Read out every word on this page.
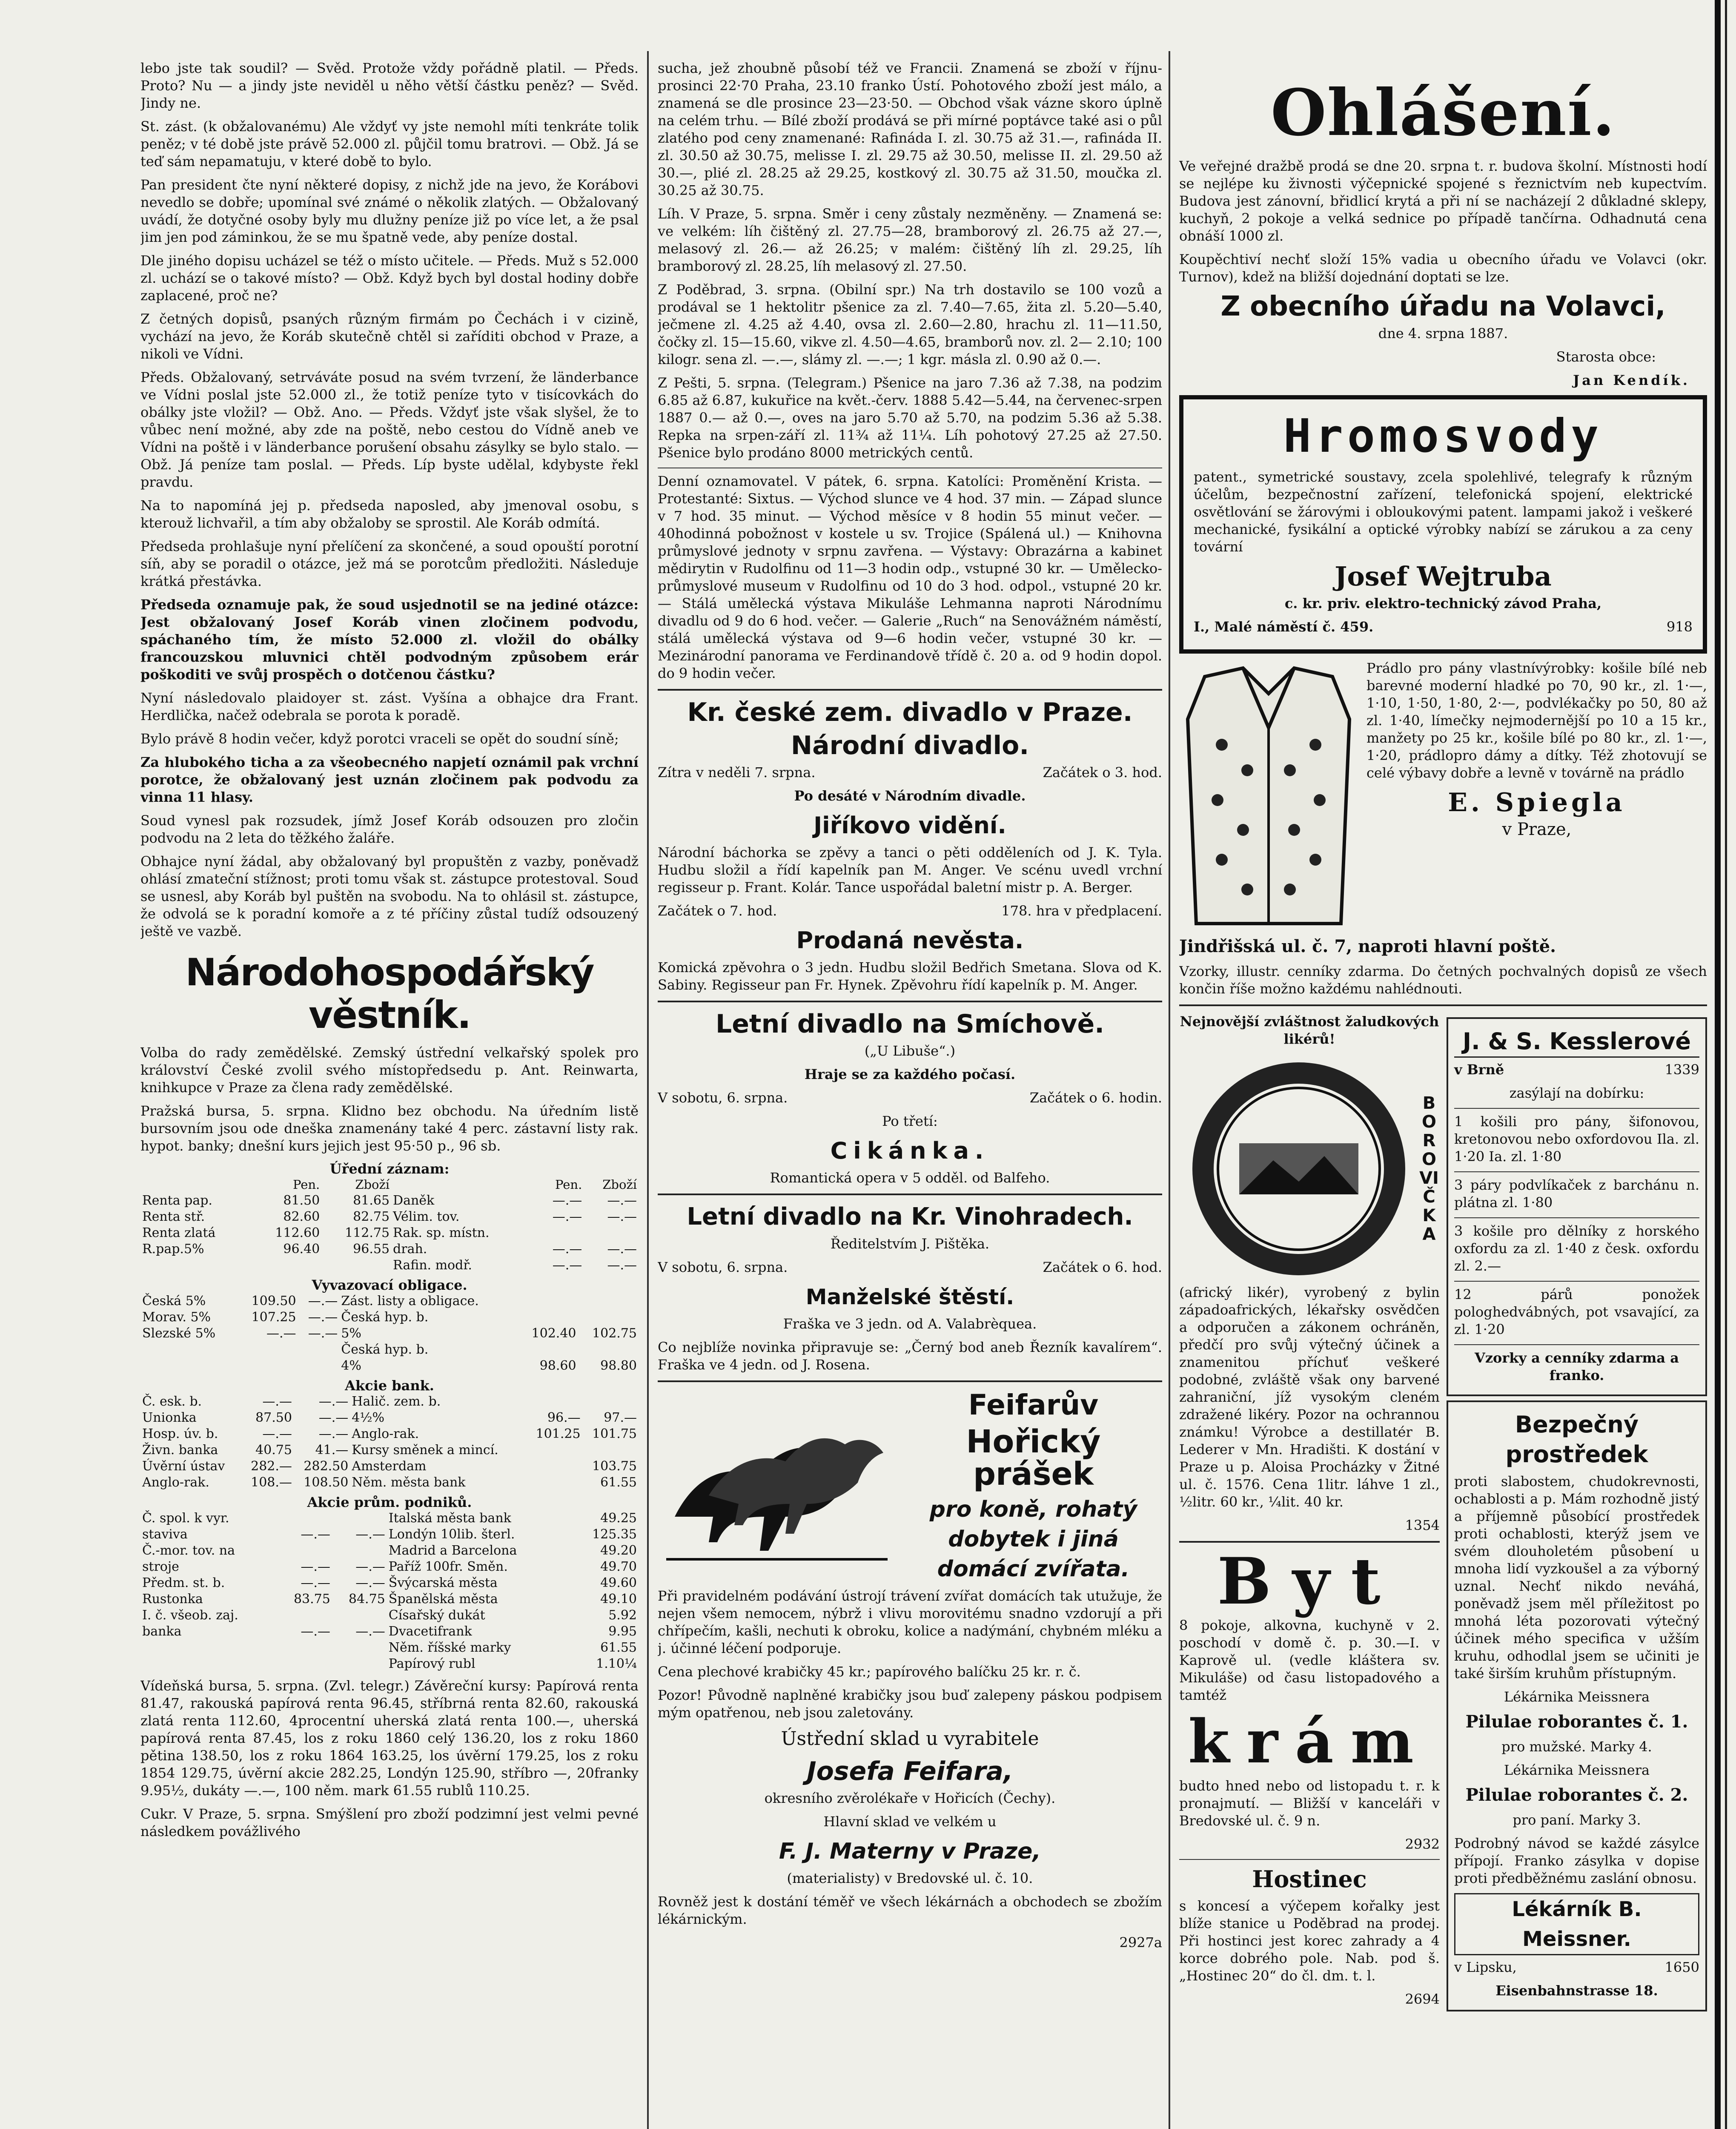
lebo jste tak soudil? — Svěd. Protože vždy pořádně platil. — Předs. Proto? Nu — a jindy jste neviděl u něho větší částku peněz? — Svěd. Jindy ne.

St. zást. (k obžalovanému) Ale vždyť vy jste nemohl míti tenkráte tolik peněz; v té době jste právě 52.000 zl. půjčil tomu bratrovi. — Obž. Já se teď sám nepamatuju, v které době to bylo.

Pan president čte nyní některé dopisy, z nichž jde na jevo, že Korábovi nevedlo se dobře; upomínal své známé o několik zlatých. — Obžalovaný uvádí, že dotyčné osoby byly mu dlužny peníze již po více let, a že psal jim jen pod záminkou, že se mu špatně vede, aby peníze dostal.

Dle jiného dopisu ucházel se též o místo učitele. — Předs. Muž s 52.000 zl. uchází se o takové místo? — Obž. Když bych byl dostal hodiny dobře zaplacené, proč ne?

Z četných dopisů, psaných různým firmám po Čechách i v cizině, vychází na jevo, že Koráb skutečně chtěl si zaříditi obchod v Praze, a nikoli ve Vídni.

Předs. Obžalovaný, setrváváte posud na svém tvrzení, že länderbance ve Vídni poslal jste 52.000 zl., že totiž peníze tyto v tisícovkách do obálky jste vložil? — Obž. Ano. — Předs. Vždyť jste však slyšel, že to vůbec není možné, aby zde na poště, nebo cestou do Vídně aneb ve Vídni na poště i v länderbance porušení obsahu zásylky se bylo stalo. — Obž. Já peníze tam poslal. — Předs. Líp byste udělal, kdybyste řekl pravdu.

Na to napomíná jej p. předseda naposled, aby jmenoval osobu, s kterouž lichvařil, a tím aby obžaloby se sprostil. Ale Koráb odmítá.

Předseda prohlašuje nyní přelíčení za skončené, a soud opouští porotní síň, aby se poradil o otázce, jež má se porotcům předložiti. Následuje krátká přestávka.

Předseda oznamuje pak, že soud usjednotil se na jediné otázce: Jest obžalovaný Josef Koráb vinen zločinem podvodu, spáchaného tím, že místo 52.000 zl. vložil do obálky francouzskou mluvnici chtěl podvodným způsobem erár poškoditi ve svůj prospěch o dotčenou částku?

Nyní následovalo plaidoyer st. zást. Vyšína a obhajce dra Frant. Herdlička, načež odebrala se porota k poradě.

Bylo právě 8 hodin večer, když porotci vraceli se opět do soudní síně;

Za hlubokého ticha a za všeobecného napjetí oznámil pak vrchní porotce, že obžalovaný jest uznán zločinem pak podvodu za vinna 11 hlasy.

Soud vynesl pak rozsudek, jímž Josef Koráb odsouzen pro zločin podvodu na 2 leta do těžkého žaláře.

Obhajce nyní žádal, aby obžalovaný byl propuštěn z vazby, poněvadž ohlásí zmateční stížnost; proti tomu však st. zástupce protestoval. Soud se usnesl, aby Koráb byl puštěn na svobodu. Na to ohlásil st. zástupce, že odvolá se k poradní komoře a z té příčiny zůstal tudíž odsouzený ještě ve vazbě.

Národohospodářský věstník.

Volba do rady zemědělské. Zemský ústřední velkařský spolek pro království České zvolil svého místopředsedu p. Ant. Reinwarta, knihkupce v Praze za člena rady zemědělské.

Pražská bursa, 5. srpna. Klidno bez obchodu. Na úředním listě bursovním jsou ode dneška znamenány také 4 perc. zástavní listy rak. hypot. banky; dnešní kurs jejich jest 95·50 p., 96 sb.

Úřední záznam:
	Pen.	Zboží		Pen.	Zboží
Renta pap.	81.50	81.65	Daněk	—.—	—.—
Renta stř.	82.60	82.75	Vélim. tov.	—.—	—.—
Renta zlatá	112.60	112.75	Rak. sp. místn.		
R.pap.5%	96.40	96.55	drah.	—.—	—.—
			Rafin. modř.	—.—	—.—
Vyvazovací obligace.
Česká 5%	109.50	—.—	Zást. listy a obligace.		
Morav. 5%	107.25	—.—	Česká hyp. b.		
Slezské 5%	—.—	—.—	5%	102.40	102.75
			Česká hyp. b.		
			4%	98.60	98.80
Akcie bank.
Č. esk. b.	—.—	—.—	Halič. zem. b.		
Unionka	87.50	—.—	4½%	96.—	97.—
Hosp. úv. b.	—.—	—.—	Anglo-rak.	101.25	101.75
Živn. banka	40.75	41.—	Kursy směnek a mincí.		
Úvěrní ústav	282.—	282.50	Amsterdam		103.75
Anglo-rak.	108.—	108.50	Něm. města bank		61.55
Akcie prům. podniků.
Č. spol. k vyr.			Italská města bank		49.25
staviva	—.—	—.—	Londýn 10lib. šterl.		125.35
Č.-mor. tov. na			Madrid a Barcelona		49.20
stroje	—.—	—.—	Paříž 100fr. Směn.		49.70
Předm. st. b.	—.—	—.—	Švýcarská města		49.60
Rustonka	83.75	84.75	Španělská města		49.10
I. č. všeob. zaj.			Císařský dukát		5.92
banka	—.—	—.—	Dvacetifrank		9.95
			Něm. říšské marky		61.55
			Papírový rubl		1.10¼

Vídeňská bursa, 5. srpna. (Zvl. telegr.) Závěreční kursy: Papírová renta 81.47, rakouská papírová renta 96.45, stříbrná renta 82.60, rakouská zlatá renta 112.60, 4procentní uherská zlatá renta 100.—, uherská papírová renta 87.45, los z roku 1860 celý 136.20, los z roku 1860 pětina 138.50, los z roku 1864 163.25, los úvěrní 179.25, los z roku 1854 129.75, úvěrní akcie 282.25, Londýn 125.90, stříbro —, 20franky 9.95½, dukáty —.—, 100 něm. mark 61.55 rublů 110.25.

Cukr. V Praze, 5. srpna. Smýšlení pro zboží podzimní jest velmi pevné následkem povážlivého

sucha, jež zhoubně působí též ve Francii. Znamená se zboží v říjnu-prosinci 22·70 Praha, 23.10 franko Ústí. Pohotového zboží jest málo, a znamená se dle prosince 23—23·50. — Obchod však vázne skoro úplně na celém trhu. — Bílé zboží prodává se při mírné poptávce také asi o půl zlatého pod ceny znamenané: Rafináda I. zl. 30.75 až 31.—, rafináda II. zl. 30.50 až 30.75, melisse I. zl. 29.75 až 30.50, melisse II. zl. 29.50 až 30.—, plié zl. 28.25 až 29.25, kostkový zl. 30.75 až 31.50, moučka zl. 30.25 až 30.75.

Líh. V Praze, 5. srpna. Směr i ceny zůstaly nezměněny. — Znamená se: ve velkém: líh čištěný zl. 27.75—28, bramborový zl. 26.75 až 27.—, melasový zl. 26.— až 26.25; v malém: čištěný líh zl. 29.25, líh bramborový zl. 28.25, líh melasový zl. 27.50.

Z Poděbrad, 3. srpna. (Obilní spr.) Na trh dostavilo se 100 vozů a prodával se 1 hektolitr pšenice za zl. 7.40—7.65, žita zl. 5.20—5.40, ječmene zl. 4.25 až 4.40, ovsa zl. 2.60—2.80, hrachu zl. 11—11.50, čočky zl. 15—15.60, vikve zl. 4.50—4.65, bramborů nov. zl. 2— 2.10; 100 kilogr. sena zl. —.—, slámy zl. —.—; 1 kgr. másla zl. 0.90 až 0.—.

Z Pešti, 5. srpna. (Telegram.) Pšenice na jaro 7.36 až 7.38, na podzim 6.85 až 6.87, kukuřice na květ.-červ. 1888 5.42—5.44, na červenec-srpen 1887 0.— až 0.—, oves na jaro 5.70 až 5.70, na podzim 5.36 až 5.38. Repka na srpen-září zl. 11¾ až 11¼. Líh pohotový 27.25 až 27.50. Pšenice bylo prodáno 8000 metrických centů.

Denní oznamovatel. V pátek, 6. srpna. Katolíci: Proměnění Krista. — Protestanté: Sixtus. — Východ slunce ve 4 hod. 37 min. — Západ slunce v 7 hod. 35 minut. — Východ měsíce v 8 hodin 55 minut večer. — 40hodinná pobožnost v kostele u sv. Trojice (Spálená ul.) — Knihovna průmyslové jednoty v srpnu zavřena. — Výstavy: Obrazárna a kabinet mědirytin v Rudolfinu od 11—3 hodin odp., vstupné 30 kr. — Umělecko-průmyslové museum v Rudolfinu od 10 do 3 hod. odpol., vstupné 20 kr. — Stálá umělecká výstava Mikuláše Lehmanna naproti Národnímu divadlu od 9 do 6 hod. večer. — Galerie „Ruch“ na Senovážném náměstí, stálá umělecká výstava od 9—6 hodin večer, vstupné 30 kr. — Mezinárodní panorama ve Ferdinandově třídě č. 20 a. od 9 hodin dopol. do 9 hodin večer.

Kr. české zem. divadlo v Praze.
Národní divadlo.

Zítra v neděli 7. srpna.	Začátek o 3. hod.

Po desáté v Národním divadle.

Jiříkovo vidění.

Národní báchorka se zpěvy a tanci o pěti odděleních od J. K. Tyla. Hudbu složil a řídí kapelník pan M. Anger. Ve scénu uvedl vrchní regisseur p. Frant. Kolár. Tance uspořádal baletní mistr p. A. Berger.

Začátek o 7. hod.	178. hra v předplacení.

Prodaná nevěsta.

Komická zpěvohra o 3 jedn. Hudbu složil Bedřich Smetana. Slova od K. Sabiny. Regisseur pan Fr. Hynek. Zpěvohru řídí kapelník p. M. Anger.

Letní divadlo na Smíchově.

(„U Libuše“.)

Hraje se za každého počasí.

V sobotu, 6. srpna.	Začátek o 6. hodin.

Po třetí:

Cikánka.

Romantická opera v 5 odděl. od Balfeho.

Letní divadlo na Kr. Vinohradech.

Ředitelstvím J. Pištěka.

V sobotu, 6. srpna.	Začátek o 6. hod.

Manželské štěstí.

Fraška ve 3 jedn. od A. Valabrèquea.

Co nejblíže novinka připravuje se: „Černý bod aneb Řezník kavalírem“. Fraška ve 4 jedn. od J. Rosena.

Feifarův
Hořický prášek
pro koně, rohatý dobytek i jiná domácí zvířata.

Při pravidelném podávání ústrojí trávení zvířat domácích tak utužuje, že nejen všem nemocem, nýbrž i vlivu morovitému snadno vzdorují a při chřípečím, kašli, nechuti k obroku, kolice a nadýmání, chybném mléku a j. účinné léčení podporuje.

Cena plechové krabičky 45 kr.; papírového balíčku 25 kr. r. č.

Pozor! Původně naplněné krabičky jsou buď zalepeny páskou podpisem mým opatřenou, neb jsou zaletovány.

Ústřední sklad u vyrabitele

Josefa Feifara,

okresního zvěrolékaře v Hořicích (Čechy).

Hlavní sklad ve velkém u

F. J. Materny v Praze,

(materialisty) v Bredovské ul. č. 10.

Rovněž jest k dostání téměř ve všech lékárnách a obchodech se zbožím lékárnickým.

2927a

Ohlášení.

Ve veřejné dražbě prodá se dne 20. srpna t. r. budova školní. Místnosti hodí se nejlépe ku živnosti výčepnické spojené s řeznictvím neb kupectvím. Budova jest zánovní, břidlicí krytá a při ní se nacházejí 2 důkladné sklepy, kuchyň, 2 pokoje a velká sednice po případě tančírna. Odhadnutá cena obnáší 1000 zl.

Koupěchtiví nechť složí 15% vadia u obecního úřadu ve Volavci (okr. Turnov), kdež na bližší dojednání doptati se lze.

Z obecního úřadu na Volavci,

dne 4. srpna 1887.

Starosta obce:

Jan Kendík.

Hromosvody

patent., symetrické soustavy, zcela spolehlivé, telegrafy k různým účelům, bezpečnostní zařízení, telefonická spojení, elektrické osvětlování se žárovými i obloukovými patent. lampami jakož i veškeré mechanické, fysikální a optické výrobky nabízí se zárukou a za ceny tovární

Josef Wejtruba

c. kr. priv. elektro-technický závod Praha,

I., Malé náměstí č. 459.	918

Prádlo pro pány vlastnívýrobky: košile bílé neb barevné moderní hladké po 70, 90 kr., zl. 1·—, 1·10, 1·50, 1·80, 2·—, podvlékačky po 50, 80 až zl. 1·40, límečky nejmodernější po 10 a 15 kr., manžety po 25 kr., košile bílé po 80 kr., zl. 1·—, 1·20, prádlopro dámy a dítky. Též zhotovují se celé výbavy dobře a levně v továrně na prádlo

E. Spiegla

v Praze,

Jindřišská ul. č. 7, naproti hlavní poště.

Vzorky, illustr. cenníky zdarma. Do četných pochvalných dopisů ze všech končin říše možno každému nahlédnouti.

Nejnovější zvláštnost žaludkových likérů!

BOROVIČKA

(africký likér), vyrobený z bylin západoafrických, lékařsky osvědčen a odporučen a zákonem ochráněn, předčí pro svůj výtečný účinek a znamenitou příchuť veškeré podobné, zvláště však ony barvené zahraniční, jíž vysokým cleném zdražené likéry. Pozor na ochrannou známku! Výrobce a destillatér B. Lederer v Mn. Hradišti. K dostání v Praze u p. Aloisa Procházky v Žitné ul. č. 1576. Cena 1litr. láhve 1 zl., ½litr. 60 kr., ¼lit. 40 kr.

1354

Byt

8 pokoje, alkovna, kuchyně v 2. poschodí v domě č. p. 30.—I. v Kaprově ul. (vedle kláštera sv. Mikuláše) od času listopadového a tamtéž

krám

budto hned nebo od listopadu t. r. k pronajmutí. — Bližší v kanceláři v Bredovské ul. č. 9 n.

2932

Hostinec

s koncesí a výčepem kořalky jest blíže stanice u Poděbrad na prodej. Při hostinci jest korec zahrady a 4 korce dobrého pole. Nab. pod š. „Hostinec 20“ do čl. dm. t. l.

2694

J. & S. Kesslerové

v Brně	1339

zasýlají na dobírku:

1 košili pro pány, šifonovou, kretonovou nebo oxfordovou Ila. zl. 1·20 Ia. zl. 1·80

3 páry podvlíkaček z barchánu n. plátna zl. 1·80

3 košile pro dělníky z horského oxfordu za zl. 1·40 z česk. oxfordu zl. 2.—

12 párů ponožek pologhedvábných, pot vsavající, za zl. 1·20

Vzorky a cenníky zdarma a franko.

Bezpečný prostředek

proti slabostem, chudokrevnosti, ochablosti a p. Mám rozhodně jistý a příjemně působící prostředek proti ochablosti, kterýž jsem ve svém dlouholetém působení u mnoha lidí vyzkoušel a za výborný uznal. Nechť nikdo neváhá, poněvadž jsem měl příležitost po mnohá léta pozorovati výtečný účinek mého specifica v užším kruhu, odhodlal jsem se učiniti je také širším kruhům přístupným.

Lékárnika Meissnera

Pilulae roborantes č. 1.

pro mužské. Marky 4.

Lékárnika Meissnera

Pilulae roborantes č. 2.

pro paní. Marky 3.

Podrobný návod se každé zásylce přípojí. Franko zásylka v dopise proti předběžnému zaslání obnosu.

Lékárník B. Meissner.

v Lipsku,	1650

Eisenbahnstrasse 18.
